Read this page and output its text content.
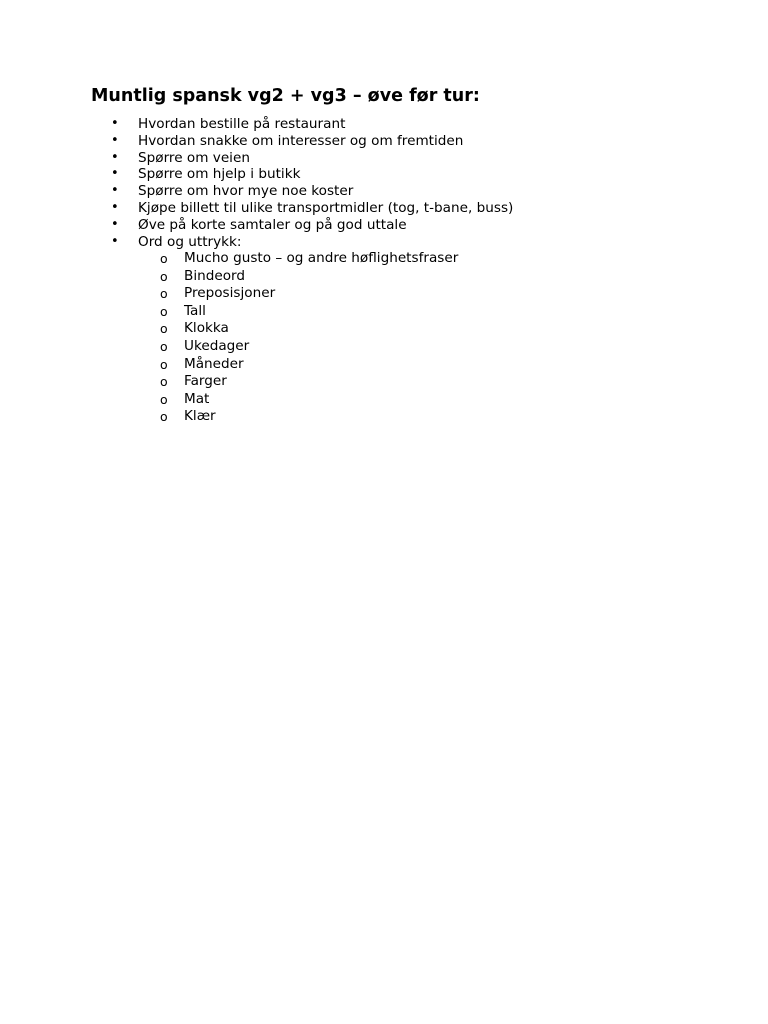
Muntlig spansk vg2 + vg3 – øve før tur:
• Hvordan bestille på restaurant
• Hvordan snakke om interesser og om fremtiden
• Spørre om veien
• Spørre om hjelp i butikk
• Spørre om hvor mye noe koster
• Kjøpe billett til ulike transportmidler (tog, t-bane, buss)
• Øve på korte samtaler og på god uttale
• Ord og uttrykk:
o Mucho gusto – og andre høflighetsfraser
o Bindeord
o Preposisjoner
o Tall
o Klokka
o Ukedager
o Måneder
o Farger
o Mat
o Klær
